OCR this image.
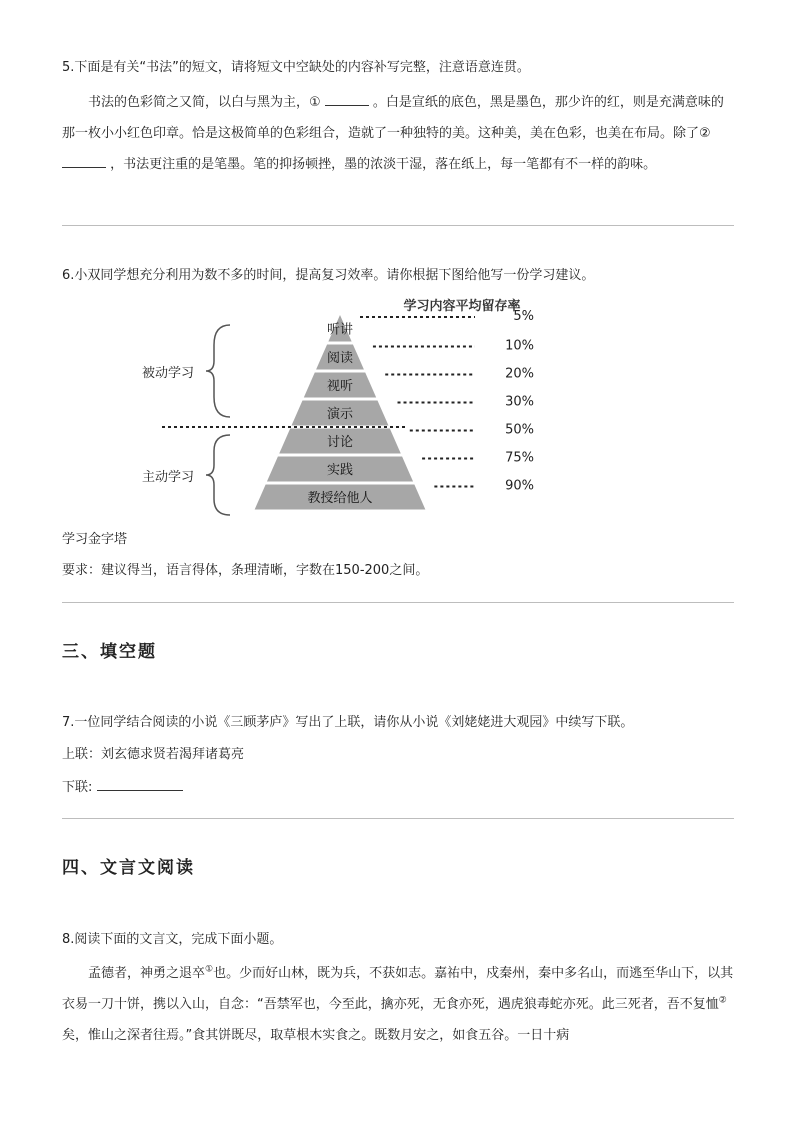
5.下面是有关“书法”的短文，请将短文中空缺处的内容补写完整，注意语意连贯。

书法的色彩简之又简，以白与黑为主，①	。白是宣纸的底色，黑是墨色，那少许的红，则是充满意味的那一枚小小红色印章。恰是这极简单的色彩组合，造就了一种独特的美。这种美，美在色彩，也美在布局。除了②  ，书法更注重的是笔墨。笔的抑扬顿挫，墨的浓淡干湿，落在纸上，每一笔都有不一样的韵味。

6.小双同学想充分利用为数不多的时间，提高复习效率。请你根据下图给他写一份学习建议。

学习内容平均留存率
听讲
阅读
视听
演示
讨论
实践
教授给他人
5%
10%
20%
30%
50%
75%
90%
被动学习
主动学习

学习金字塔

要求：建议得当，语言得体，条理清晰，字数在150-200之间。

三、填空题

7.一位同学结合阅读的小说《三顾茅庐》写出了上联，请你从小说《刘姥姥进大观园》中续写下联。

上联：刘玄德求贤若渴拜诸葛亮

下联:

四、文言文阅读

8.阅读下面的文言文，完成下面小题。

孟德者，神勇之退卒①也。少而好山林，既为兵，不获如志。嘉祐中，戍秦州，秦中多名山，而逃至华山下，以其衣易一刀十饼，携以入山，自念：“吾禁军也，今至此，擒亦死，无食亦死，遇虎狼毒蛇亦死。此三死者，吾不复恤②矣，惟山之深者往焉。”食其饼既尽，取草根木实食之。既数月安之，如食五谷。一日十病
